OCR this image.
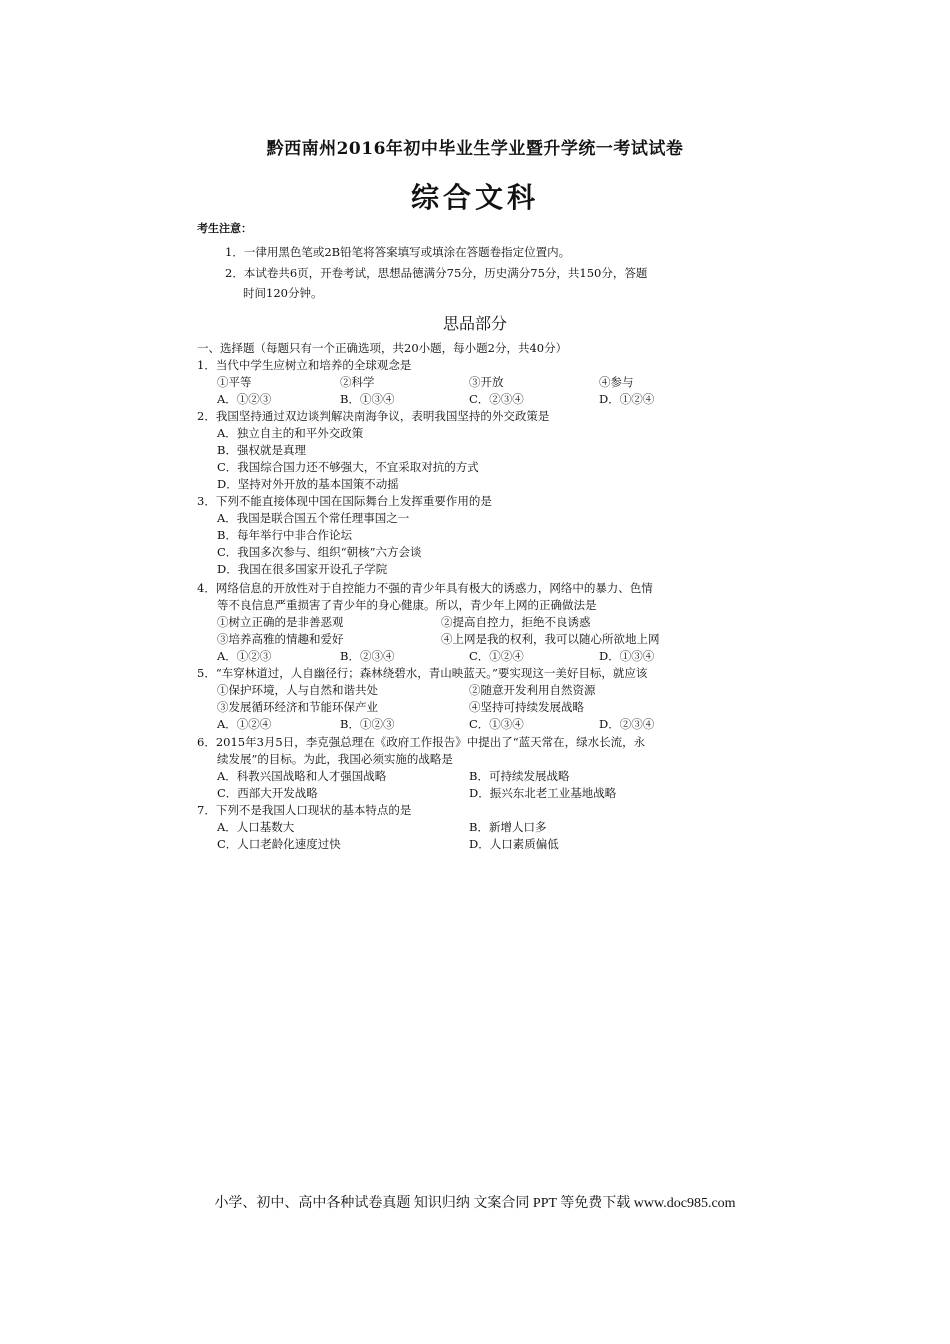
黔西南州2016年初中毕业生学业暨升学统一考试试卷
综合文科
考生注意：
1．一律用黑色笔或2B铅笔将答案填写或填涂在答题卷指定位置内。
2．本试卷共6页，开卷考试，思想品德满分75分，历史满分75分，共150分，答题
时间120分钟。
思品部分
一、选择题（每题只有一个正确选项，共20小题，每小题2分，共40分）
1．当代中学生应树立和培养的全球观念是
①平等	②科学	③开放	④参与
A．①②③	B．①③④	C．②③④	D．①②④
2．我国坚持通过双边谈判解决南海争议，表明我国坚持的外交政策是
A．独立自主的和平外交政策
B．强权就是真理
C．我国综合国力还不够强大，不宜采取对抗的方式
D．坚持对外开放的基本国策不动摇
3．下列不能直接体现中国在国际舞台上发挥重要作用的是
A．我国是联合国五个常任理事国之一
B．每年举行中非合作论坛
C．我国多次参与、组织“朝核”六方会谈
D．我国在很多国家开设孔子学院
4．网络信息的开放性对于自控能力不强的青少年具有极大的诱惑力，网络中的暴力、色情
等不良信息严重损害了青少年的身心健康。所以，青少年上网的正确做法是
①树立正确的是非善恶观	②提高自控力，拒绝不良诱惑
③培养高雅的情趣和爱好	④上网是我的权利，我可以随心所欲地上网
A．①②③	B．②③④	C．①②④	D．①③④
5．“车穿林道过，人自幽径行；森林绕碧水，青山映蓝天。”要实现这一美好目标，就应该
①保护环境，人与自然和谐共处	②随意开发利用自然资源
③发展循环经济和节能环保产业	④坚持可持续发展战略
A．①②④	B．①②③	C．①③④	D．②③④
6．2015年3月5日，李克强总理在《政府工作报告》中提出了“蓝天常在，绿水长流，永
续发展”的目标。为此，我国必须实施的战略是
A．科教兴国战略和人才强国战略	B．可持续发展战略
C．西部大开发战略	D．振兴东北老工业基地战略
7．下列不是我国人口现状的基本特点的是
A．人口基数大	B．新增人口多
C．人口老龄化速度过快	D．人口素质偏低
小学、初中、高中各种试卷真题 知识归纳 文案合同 PPT 等免费下载 www.doc985.com
